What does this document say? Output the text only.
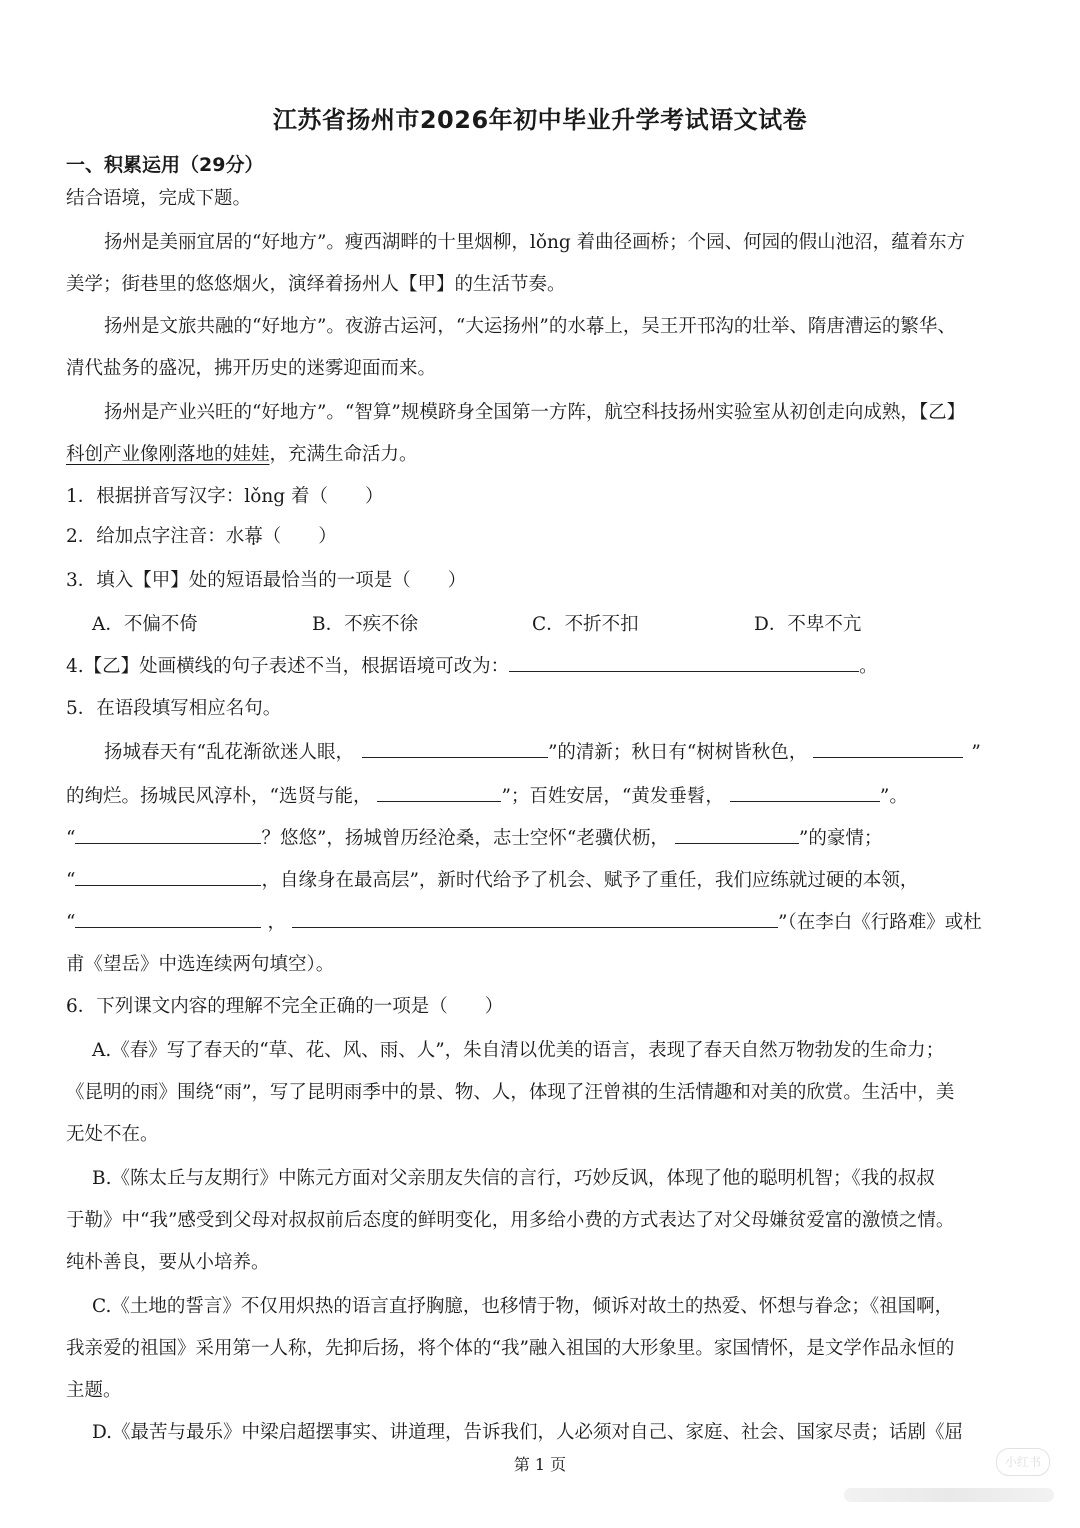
江苏省扬州市2026年初中毕业升学考试语文试卷
一、积累运用（29分）
结合语境，完成下题。
扬州是美丽宜居的“好地方”。瘦西湖畔的十里烟柳，lǒng 着曲径画桥；个园、何园的假山池沼，蕴着东方
美学；街巷里的悠悠烟火，演绎着扬州人【甲】的生活节奏。
扬州是文旅共融的“好地方”。夜游古运河，“大运扬州”的水幕上，吴王开邗沟的壮举、隋唐漕运的繁华、
清代盐务的盛况，拂开历史的迷雾迎面而来。
扬州是产业兴旺的“好地方”。“智算”规模跻身全国第一方阵，航空科技扬州实验室从初创走向成熟，【乙】
科创产业像刚落地的娃娃，充满生命活力。
1．根据拼音写汉字：lǒng 着（　　）
2．给加点字注音：水幕（　　）
3．填入【甲】处的短语最恰当的一项是（　　）
A．不偏不倚	B．不疾不徐	C．不折不扣	D．不卑不亢
4.【乙】处画横线的句子表述不当，根据语境可改为：	。
5．在语段填写相应名句。
扬城春天有“乱花渐欲迷人眼，	”的清新；秋日有“树树皆秋色，	”
的绚烂。扬城民风淳朴，“选贤与能，	”；百姓安居，“黄发垂髫，	”。
“	？悠悠”，扬城曾历经沧桑，志士空怀“老骥伏枥，	”的豪情；
“	，自缘身在最高层”，新时代给予了机会、赋予了重任，我们应练就过硬的本领，
“	，	”（在李白《行路难》或杜
甫《望岳》中选连续两句填空）。
6．下列课文内容的理解不完全正确的一项是（　　）
A.《春》写了春天的“草、花、风、雨、人”，朱自清以优美的语言，表现了春天自然万物勃发的生命力；
《昆明的雨》围绕“雨”，写了昆明雨季中的景、物、人，体现了汪曾祺的生活情趣和对美的欣赏。生活中，美
无处不在。
B.《陈太丘与友期行》中陈元方面对父亲朋友失信的言行，巧妙反讽，体现了他的聪明机智；《我的叔叔
于勒》中“我”感受到父母对叔叔前后态度的鲜明变化，用多给小费的方式表达了对父母嫌贫爱富的激愤之情。
纯朴善良，要从小培养。
C.《土地的誓言》不仅用炽热的语言直抒胸臆，也移情于物，倾诉对故土的热爱、怀想与眷念；《祖国啊，
我亲爱的祖国》采用第一人称，先抑后扬，将个体的“我”融入祖国的大形象里。家国情怀，是文学作品永恒的
主题。
D.《最苦与最乐》中梁启超摆事实、讲道理，告诉我们，人必须对自己、家庭、社会、国家尽责；话剧《屈
第 1 页	小红书
